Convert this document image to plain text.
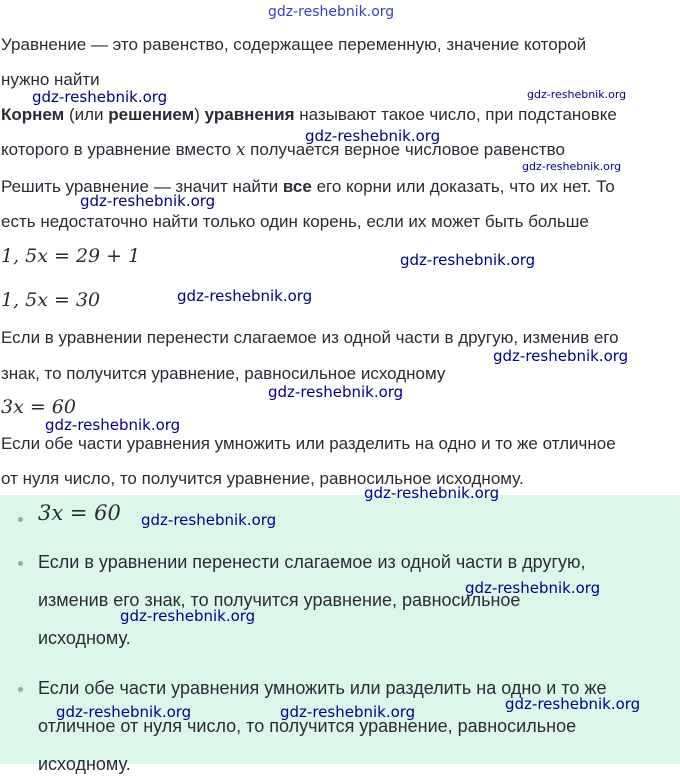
gdz-reshebnik.org

Уравнение — это равенство, содержащее переменную, значение которой

нужно найти

Корнем (или решением) уравнения называют такое число, при подстановке

которого в уравнение вместо x получается верное числовое равенство

Решить уравнение — значит найти все его корни или доказать, что их нет. То

есть недостаточно найти только один корень, если их может быть больше

1, 5x = 29 + 1
1, 5x = 30

Если в уравнении перенести слагаемое из одной части в другую, изменив его

знак, то получится уравнение, равносильное исходному

3x = 60

Если обе части уравнения умножить или разделить на одно и то же отличное

от нуля число, то получится уравнение, равносильное исходному.

gdz-reshebnik.org	gdz-reshebnik.org
gdz-reshebnik.org
gdz-reshebnik.org
gdz-reshebnik.org
gdz-reshebnik.org
gdz-reshebnik.org
gdz-reshebnik.org
gdz-reshebnik.org
gdz-reshebnik.org
3x = 60
Если в уравнении перенести слагаемое из одной части в другую,
изменив его знак, то получится уравнение, равносильное
исходному.
Если обе части уравнения умножить или разделить на одно и то же
отличное от нуля число, то получится уравнение, равносильное
исходному.
gdz-reshebnik.org
gdz-reshebnik.org
gdz-reshebnik.org
gdz-reshebnik.org
gdz-reshebnik.org
gdz-reshebnik.org	gdz-reshebnik.org
